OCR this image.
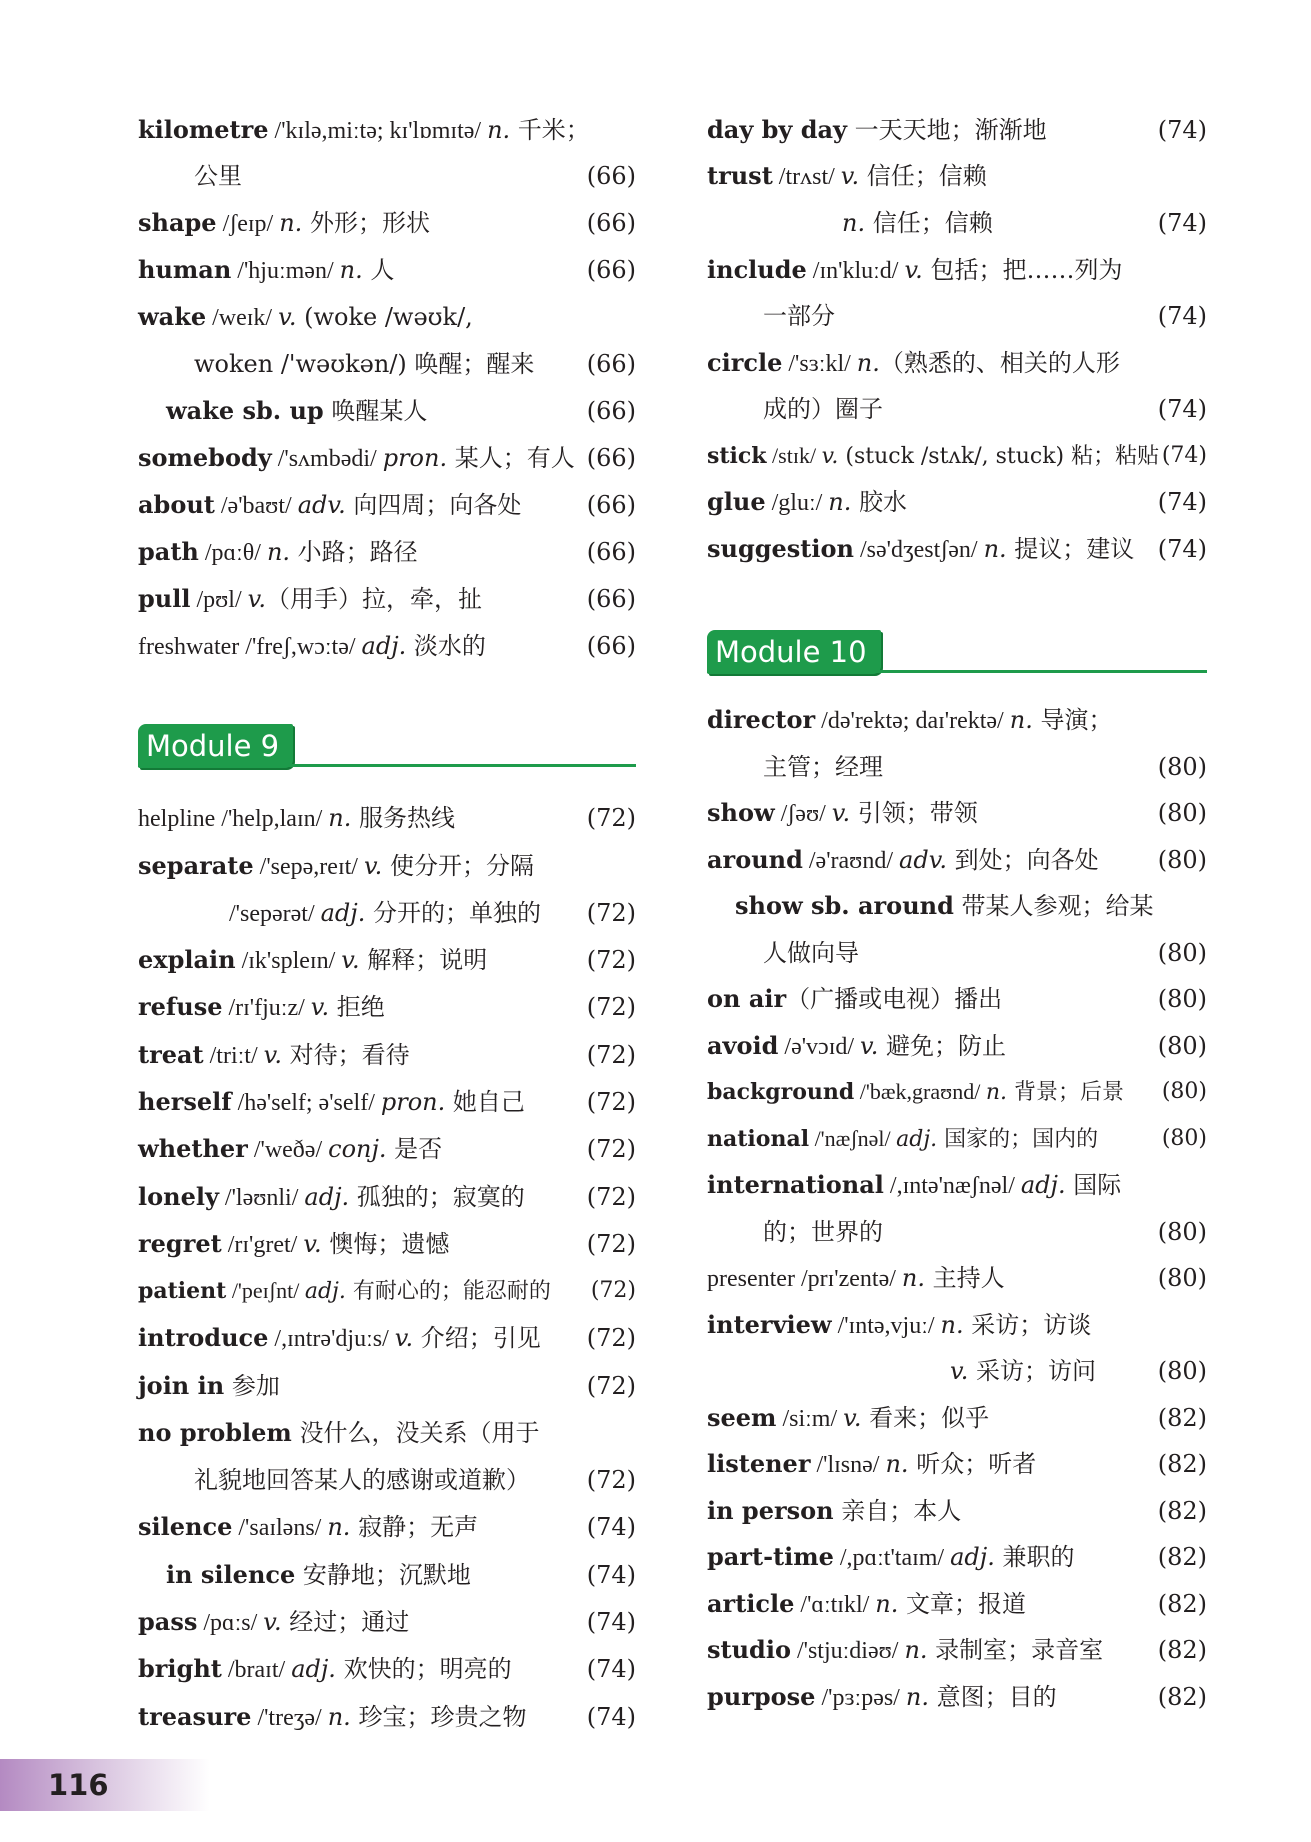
kilometre /'kɪlə,miːtə; kɪ'lɒmɪtə/ n. 千米；
公里	(66)
shape /ʃeɪp/ n. 外形；形状	(66)
human /'hjuːmən/ n. 人	(66)
wake /weɪk/ v. (woke /wəʊk/,
woken /'wəʊkən/) 唤醒；醒来 (66)
wake sb. up 唤醒某人	(66)
somebody /'sʌmbədi/ pron. 某人；有人 (66)
about /ə'baʊt/ adv. 向四周；向各处	(66)
path /pɑːθ/ n. 小路；路径	(66)
pull /pʊl/ v.（用手）拉，牵，扯	(66)
freshwater /'freʃ,wɔːtə/ adj. 淡水的	(66)
Module 9
helpline /'help,laɪn/ n. 服务热线	(72)
separate /'sepə,reɪt/ v. 使分开；分隔
/'sepərət/ adj. 分开的；单独的 (72)
explain /ɪk'spleɪn/ v. 解释；说明	(72)
refuse /rɪ'fjuːz/ v. 拒绝	(72)
treat /triːt/ v. 对待；看待	(72)
herself /hə'self; ə'self/ pron. 她自己	(72)
whether /'weðə/ conj. 是否	(72)
lonely /'ləʊnli/ adj. 孤独的；寂寞的	(72)
regret /rɪ'gret/ v. 懊悔；遗憾	(72)
patient /'peɪʃnt/ adj. 有耐心的；能忍耐的 (72)
introduce /,ɪntrə'djuːs/ v. 介绍；引见 (72)
join in 参加	(72)
no problem 没什么，没关系（用于
礼貌地回答某人的感谢或道歉） (72)
silence /'saɪləns/ n. 寂静；无声	(74)
in silence 安静地；沉默地	(74)
pass /pɑːs/ v. 经过；通过	(74)
bright /braɪt/ adj. 欢快的；明亮的	(74)
treasure /'treʒə/ n. 珍宝；珍贵之物	(74)
day by day 一天天地；渐渐地	(74)
trust /trʌst/ v. 信任；信赖
n. 信任；信赖	(74)
include /ɪn'kluːd/ v. 包括；把……列为
一部分	(74)
circle /'sɜːkl/ n.（熟悉的、相关的人形
成的）圈子	(74)
stick /stɪk/ v. (stuck /stʌk/, stuck) 粘；粘贴 (74)
glue /gluː/ n. 胶水	(74)
suggestion /sə'dʒestʃən/ n. 提议；建议 (74)
Module 10
director /də'rektə; daɪ'rektə/ n. 导演；
主管；经理	(80)
show /ʃəʊ/ v. 引领；带领	(80)
around /ə'raʊnd/ adv. 到处；向各处 (80)
show sb. around 带某人参观；给某
人做向导	(80)
on air（广播或电视）播出	(80)
avoid /ə'vɔɪd/ v. 避免；防止	(80)
background /'bæk,graʊnd/ n. 背景；后景 (80)
national /'næʃnəl/ adj. 国家的；国内的	(80)
international /,ɪntə'næʃnəl/ adj. 国际
的；世界的	(80)
presenter /prɪ'zentə/ n. 主持人	(80)
interview /'ɪntə,vjuː/ n. 采访；访谈
v. 采访；访问	(80)
seem /siːm/ v. 看来；似乎	(82)
listener /'lɪsnə/ n. 听众；听者	(82)
in person 亲自；本人	(82)
part-time /,pɑːt'taɪm/ adj. 兼职的	(82)
article /'ɑːtɪkl/ n. 文章；报道	(82)
studio /'stjuːdiəʊ/ n. 录制室；录音室 (82)
purpose /'pɜːpəs/ n. 意图；目的	(82)
116
